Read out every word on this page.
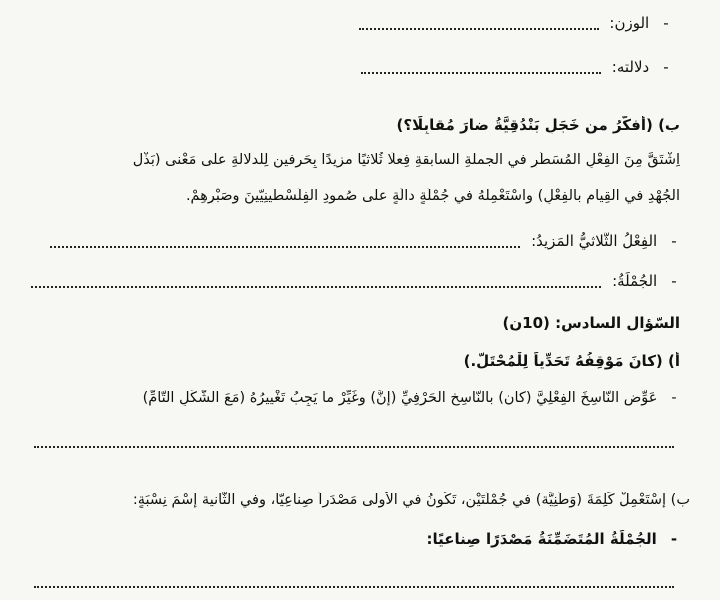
- الوزن:
- دلالته:
ب) (أفكّرُ من خَجَلٍ بَنْدُقِيَّةُ ضارَ مُقابِلًا؟)
اِشْتَقَّ مِنَ الفِعْلِ المُسَطَّرِ في الجملةِ السابقةِ فِعلًا ثُلاثيًا مزيدًا بِحَرفينِ لِلدلالةِ على مَعْنى (بَذْل
الجُهْدِ في القِيامِ بالفِعْلِ) واسْتَعْمِلْهُ في جُمْلَةٍ دالَّةٍ على صُمودِ الفِلَسْطينِيّينَ وصَبْرِهِمْ.
- الفِعْلُ الثُّلاثيُّ المَزيدُ:
- الجُمْلَةُ:
السّؤال السادس: (10ن)
أ) (كانَ مَوْقِفُهُ تَحَدِّياً لِلْمُحْتَلّ.)
- عَوِّضِ النّاسِخَ الفِعْلِيَّ (كان) بالنّاسِخِ الحَرْفِيِّ (إنَّ) وغَيِّرْ ما يَجِبُ تَغْييرُهُ (مَعَ الشَّكْلِ التّامِّ)
ب) إسْتَعْمِلْ كَلِمَةَ (وَطَنِيَّة) في جُمْلَتَيْنِ، تَكُونُ في الأولى مَصْدَراً صِناعِيّا، وفي الثّانية إسْمَ نِسْبَةٍ:
- الجُمْلَةُ المُتَضَمِّنَةُ مَصْدَرًا صِناعيًا:
